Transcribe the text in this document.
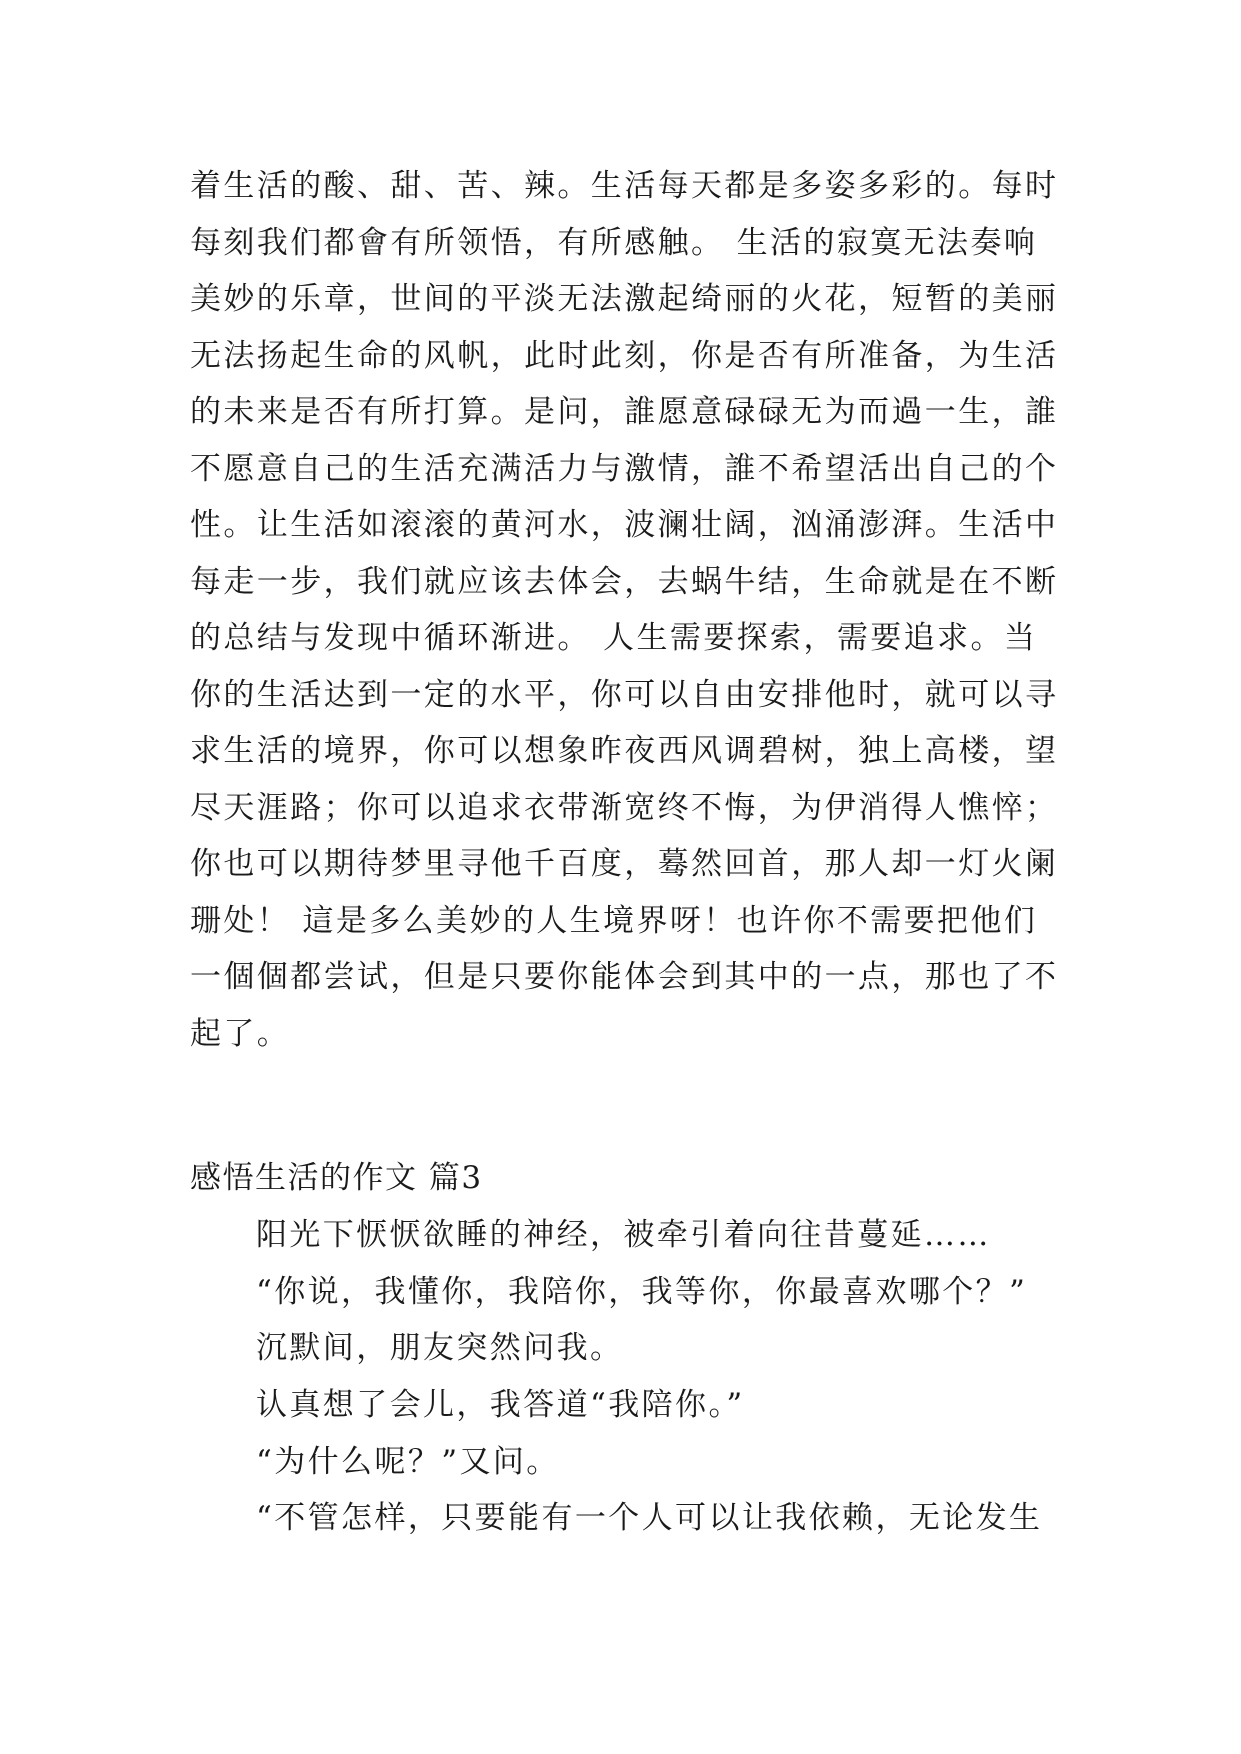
着生活的酸、甜、苦、辣。生活每天都是多姿多彩的。每时
每刻我们都會有所领悟，有所感触。 生活的寂寞无法奏响
美妙的乐章，世间的平淡无法激起绮丽的火花，短暂的美丽
无法扬起生命的风帆，此时此刻，你是否有所准备，为生活
的未来是否有所打算。是问，誰愿意碌碌无为而過一生，誰
不愿意自己的生活充满活力与激情，誰不希望活出自己的个
性。让生活如滚滚的黄河水，波澜壮阔，汹涌澎湃。生活中
每走一步，我们就应该去体会，去蜗牛结，生命就是在不断
的总结与发现中循环渐进。 人生需要探索，需要追求。当
你的生活达到一定的水平，你可以自由安排他时，就可以寻
求生活的境界，你可以想象昨夜西风调碧树，独上高楼，望
尽天涯路；你可以追求衣带渐宽终不悔，为伊消得人憔悴；
你也可以期待梦里寻他千百度，蓦然回首，那人却一灯火阑
珊处！ 這是多么美妙的人生境界呀！也许你不需要把他们
一個個都尝试，但是只要你能体会到其中的一点，那也了不
起了。
感悟生活的作文 篇3
阳光下恹恹欲睡的神经，被牵引着向往昔蔓延……
“你说，我懂你，我陪你，我等你，你最喜欢哪个？”
沉默间，朋友突然问我。
认真想了会儿，我答道“我陪你。”
“为什么呢？”又问。
“不管怎样，只要能有一个人可以让我依赖，无论发生
